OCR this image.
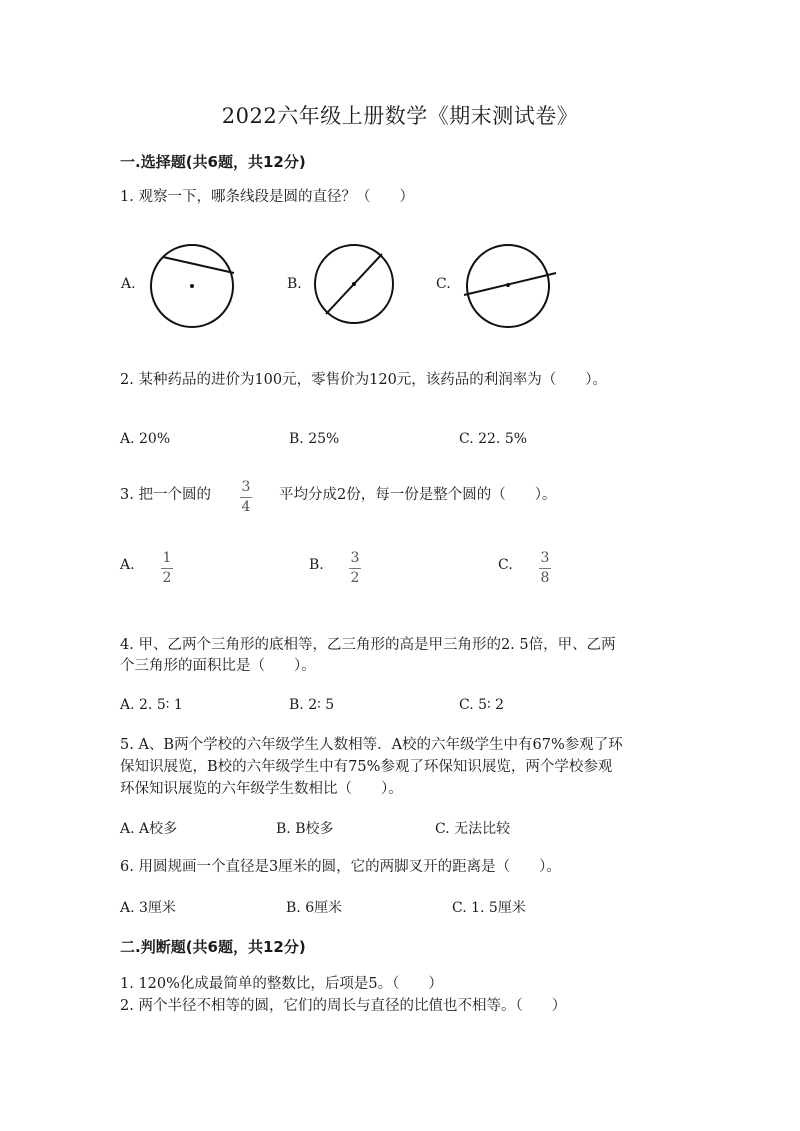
2022六年级上册数学《期末测试卷》
一.选择题(共6题，共12分)
1. 观察一下，哪条线段是圆的直径？（　　）
A.	B.	C.
2. 某种药品的进价为100元，零售价为120元，该药品的利润率为（　　）。
A. 20%	B. 25%	C. 22. 5%
3. 把一个圆的 3
4
平均分成2份，每一份是整个圆的（　　）。
A. 1
2
B. 3
2
C. 3
8
4. 甲、乙两个三角形的底相等，乙三角形的高是甲三角形的2. 5倍，甲、乙两
个三角形的面积比是（　　）。
A. 2. 5∶ 1	B. 2∶ 5	C. 5∶ 2
5. A、B两个学校的六年级学生人数相等．A校的六年级学生中有67%参观了环
保知识展览，B校的六年级学生中有75%参观了环保知识展览，两个学校参观
环保知识展览的六年级学生数相比（　　）。
A. A校多	B. B校多	C. 无法比较
6. 用圆规画一个直径是3厘米的圆，它的两脚叉开的距离是（　　）。
A. 3厘米	B. 6厘米	C. 1. 5厘米
二.判断题(共6题，共12分)
1. 120%化成最简单的整数比，后项是5。（　　）
2. 两个半径不相等的圆，它们的周长与直径的比值也不相等。（　　）
